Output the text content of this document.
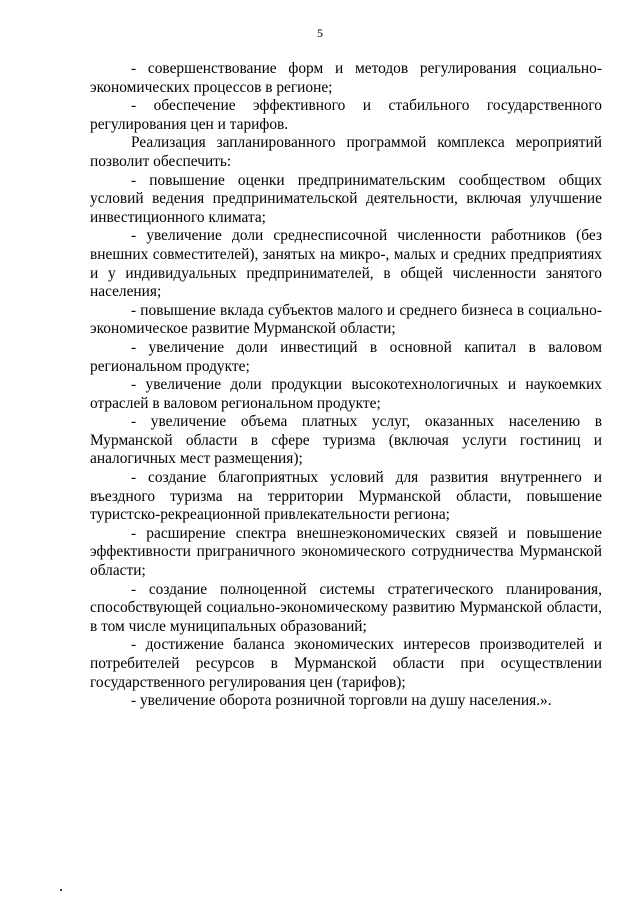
5

- совершенствование форм и методов регулирования социально-экономических процессов в регионе;

- обеспечение эффективного и стабильного государственного регулирования цен и тарифов.

Реализация запланированного программой комплекса мероприятий позволит обеспечить:

- повышение оценки предпринимательским сообществом общих условий ведения предпринимательской деятельности, включая улучшение инвестиционного климата;

- увеличение доли среднесписочной численности работников (без внешних совместителей), занятых на микро-, малых и средних предприятиях и у индивидуальных предпринимателей, в общей численности занятого населения;

- повышение вклада субъектов малого и среднего бизнеса в социально-экономическое развитие Мурманской области;

- увеличение доли инвестиций в основной капитал в валовом региональном продукте;

- увеличение доли продукции высокотехнологичных и наукоемких отраслей в валовом региональном продукте;

- увеличение объема платных услуг, оказанных населению в Мурманской области в сфере туризма (включая услуги гостиниц и аналогичных мест размещения);

- создание благоприятных условий для развития внутреннего и въездного туризма на территории Мурманской области, повышение туристско-рекреационной привлекательности региона;

- расширение спектра внешнеэкономических связей и повышение эффективности приграничного экономического сотрудничества Мурманской области;

- создание полноценной системы стратегического планирования, способствующей социально-экономическому развитию Мурманской области, в том числе муниципальных образований;

- достижение баланса экономических интересов производителей и потребителей ресурсов в Мурманской области при осуществлении государственного регулирования цен (тарифов);

- увеличение оборота розничной торговли на душу населения.».
